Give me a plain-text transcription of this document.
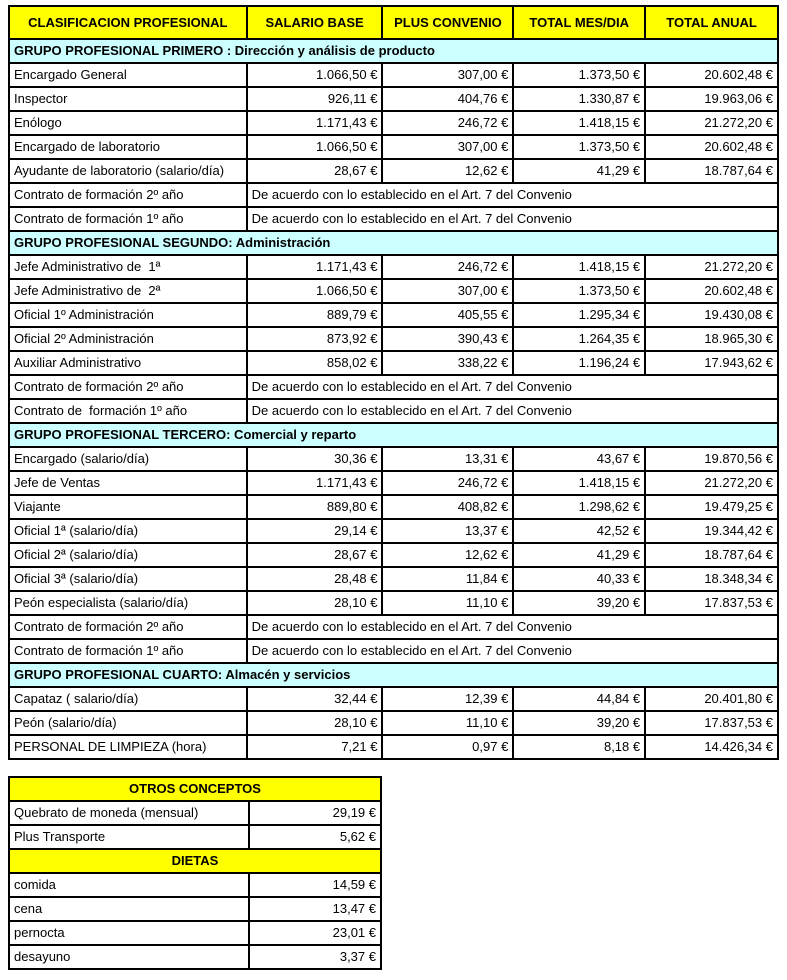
CLASIFICACION PROFESIONAL	SALARIO BASE	PLUS CONVENIO	TOTAL MES/DIA	TOTAL ANUAL
GRUPO PROFESIONAL PRIMERO : Dirección y análisis de producto				
Encargado General	1.066,50 €	307,00 €	1.373,50 €	20.602,48 €
Inspector	926,11 €	404,76 €	1.330,87 €	19.963,06 €
Enólogo	1.171,43 €	246,72 €	1.418,15 €	21.272,20 €
Encargado de laboratorio	1.066,50 €	307,00 €	1.373,50 €	20.602,48 €
Ayudante de laboratorio (salario/día)	28,67 €	12,62 €	41,29 €	18.787,64 €
Contrato de formación 2º año	De acuerdo con lo establecido en el Art. 7 del Convenio			
Contrato de formación 1º año	De acuerdo con lo establecido en el Art. 7 del Convenio			
GRUPO PROFESIONAL SEGUNDO: Administración				
Jefe Administrativo de  1ª	1.171,43 €	246,72 €	1.418,15 €	21.272,20 €
Jefe Administrativo de  2ª	1.066,50 €	307,00 €	1.373,50 €	20.602,48 €
Oficial 1º Administración	889,79 €	405,55 €	1.295,34 €	19.430,08 €
Oficial 2º Administración	873,92 €	390,43 €	1.264,35 €	18.965,30 €
Auxiliar Administrativo	858,02 €	338,22 €	1.196,24 €	17.943,62 €
Contrato de formación 2º año	De acuerdo con lo establecido en el Art. 7 del Convenio			
Contrato de  formación 1º año	De acuerdo con lo establecido en el Art. 7 del Convenio			
GRUPO PROFESIONAL TERCERO: Comercial y reparto				
Encargado (salario/día)	30,36 €	13,31 €	43,67 €	19.870,56 €
Jefe de Ventas	1.171,43 €	246,72 €	1.418,15 €	21.272,20 €
Viajante	889,80 €	408,82 €	1.298,62 €	19.479,25 €
Oficial 1ª (salario/día)	29,14 €	13,37 €	42,52 €	19.344,42 €
Oficial 2ª (salario/día)	28,67 €	12,62 €	41,29 €	18.787,64 €
Oficial 3ª (salario/día)	28,48 €	11,84 €	40,33 €	18.348,34 €
Peón especialista (salario/día)	28,10 €	11,10 €	39,20 €	17.837,53 €
Contrato de formación 2º año	De acuerdo con lo establecido en el Art. 7 del Convenio			
Contrato de formación 1º año	De acuerdo con lo establecido en el Art. 7 del Convenio			
GRUPO PROFESIONAL CUARTO: Almacén y servicios				
Capataz ( salario/día)	32,44 €	12,39 €	44,84 €	20.401,80 €
Peón (salario/día)	28,10 €	11,10 €	39,20 €	17.837,53 €
PERSONAL DE LIMPIEZA (hora)	7,21 €	0,97 €	8,18 €	14.426,34 €
OTROS CONCEPTOS	
Quebrato de moneda (mensual)	29,19 €
Plus Transporte	5,62 €
DIETAS	
comida	14,59 €
cena	13,47 €
pernocta	23,01 €
desayuno	3,37 €
